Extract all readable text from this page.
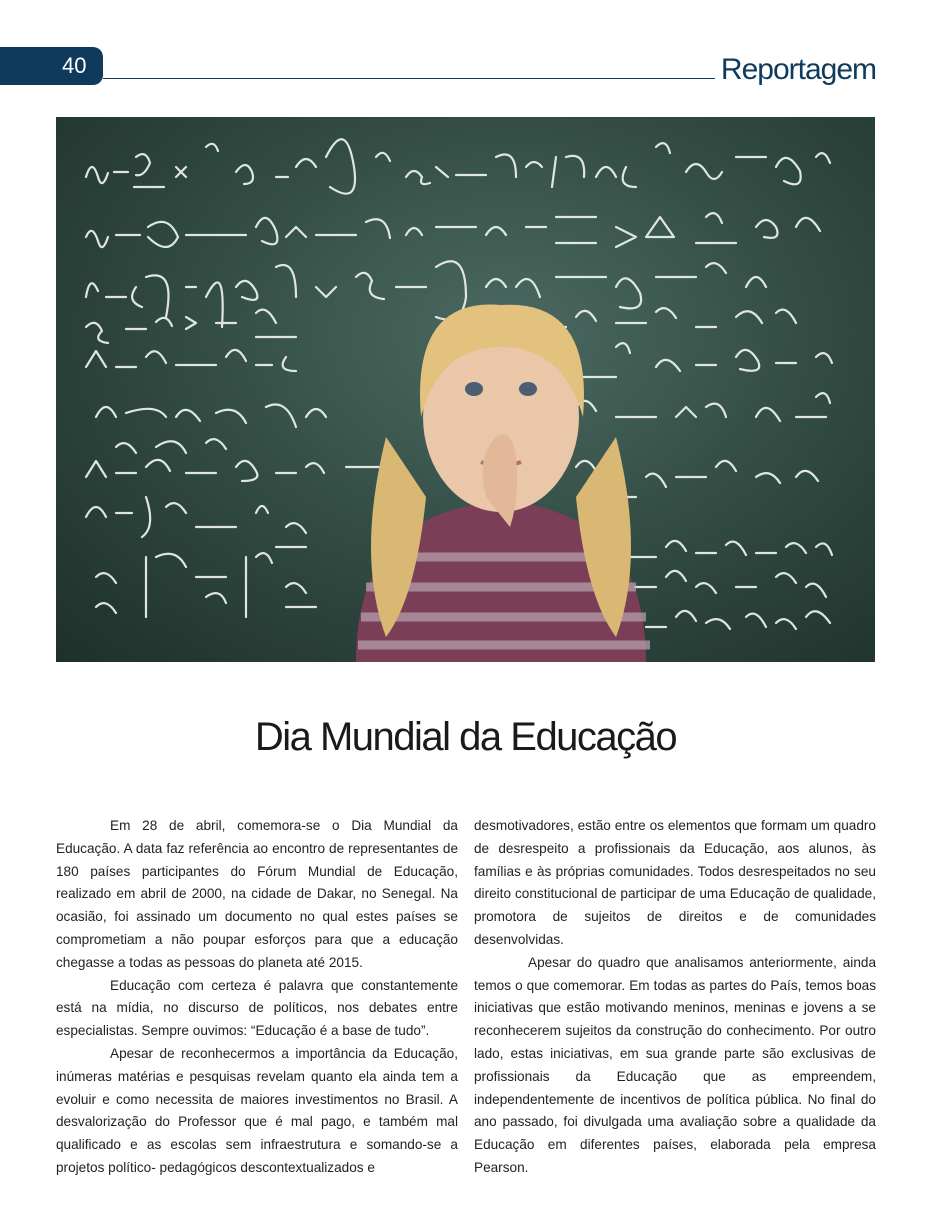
40	Reportagem
Dia Mundial da Educação

Em 28 de abril, comemora-se o Dia Mundial da Educação. A data faz referência ao encontro de representantes de 180 países participantes do Fórum Mundial de Educação, realizado em abril de 2000, na cidade de Dakar, no Senegal. Na ocasião, foi assinado um documento no qual estes países se comprometiam a não poupar esforços para que a educação chegasse a todas as pessoas do planeta até 2015.

Educação com certeza é palavra que constantemente está na mídia, no discurso de políticos, nos debates entre especialistas. Sempre ouvimos: “Educação é a base de tudo”.

Apesar de reconhecermos a importância da Educação, inúmeras matérias e pesquisas revelam quanto ela ainda tem a evoluir e como necessita de maiores investimentos no Brasil. A desvalorização do Professor que é mal pago, e também mal qualificado e as escolas sem infraestrutura e somando-se a projetos político- pedagógicos descontextualizados e

desmotivadores, estão entre os elementos que formam um quadro de desrespeito a profissionais da Educação, aos alunos, às famílias e às próprias comunidades. Todos desrespeitados no seu direito constitucional de participar de uma Educação de qualidade, promotora de sujeitos de direitos e de comunidades desenvolvidas.

Apesar do quadro que analisamos anteriormente, ainda temos o que comemorar. Em todas as partes do País, temos boas iniciativas que estão motivando meninos, meninas e jovens a se reconhecerem sujeitos da construção do conhecimento. Por outro lado, estas iniciativas, em sua grande parte são exclusivas de profissionais da Educação que as empreendem, independentemente de incentivos de política pública. No final do ano passado, foi divulgada uma avaliação sobre a qualidade da Educação em diferentes países, elaborada pela empresa Pearson.
